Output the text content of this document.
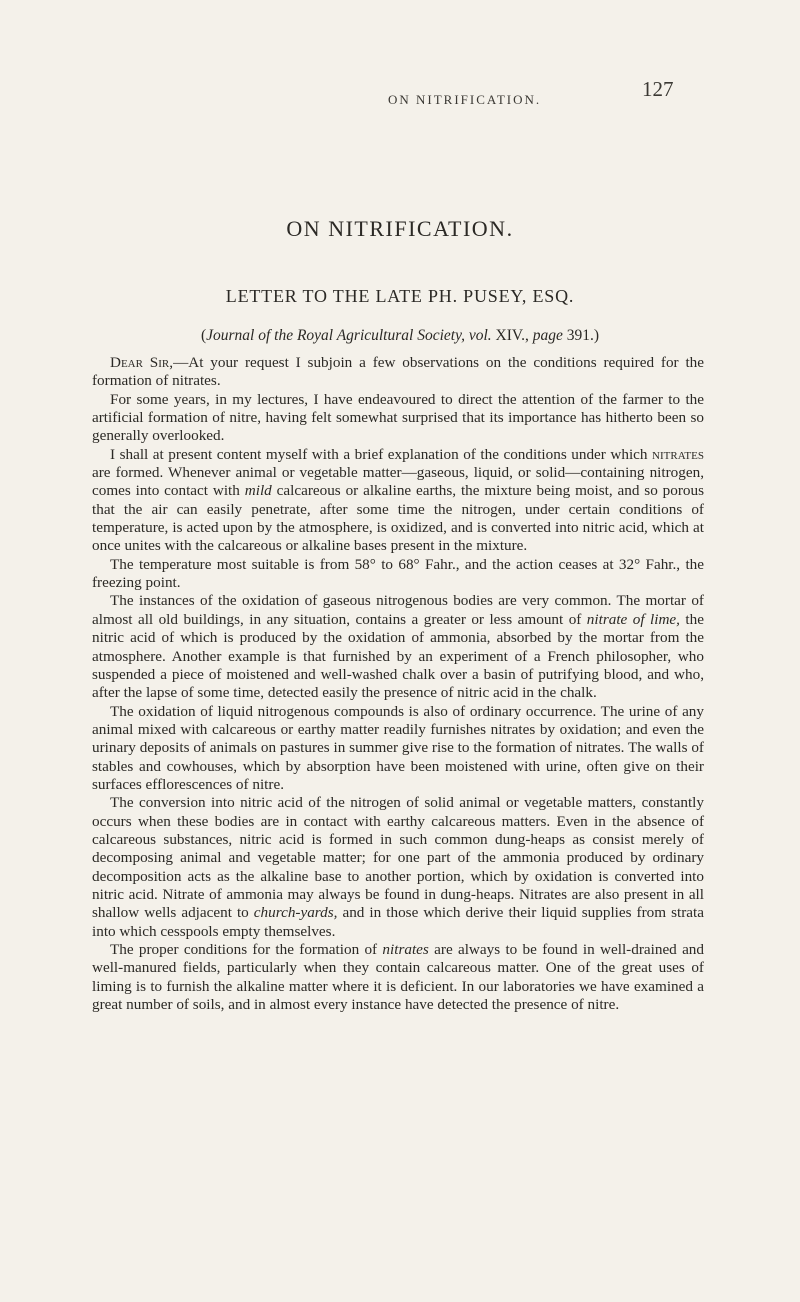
ON NITRIFICATION.	127
ON NITRIFICATION.
LETTER TO THE LATE PH. PUSEY, ESQ.
(Journal of the Royal Agricultural Society, vol. XIV., page 391.)

Dear Sir,—At your request I subjoin a few observations on the conditions required for the formation of nitrates.

For some years, in my lectures, I have endeavoured to direct the attention of the farmer to the artificial formation of nitre, having felt somewhat surprised that its importance has hitherto been so generally overlooked.

I shall at present content myself with a brief explanation of the conditions under which nitrates are formed. Whenever animal or vegetable matter—gaseous, liquid, or solid—containing nitrogen, comes into contact with mild calcareous or alkaline earths, the mixture being moist, and so porous that the air can easily penetrate, after some time the nitrogen, under certain conditions of temperature, is acted upon by the atmosphere, is oxidized, and is converted into nitric acid, which at once unites with the calcareous or alkaline bases present in the mixture.

The temperature most suitable is from 58° to 68° Fahr., and the action ceases at 32° Fahr., the freezing point.

The instances of the oxidation of gaseous nitrogenous bodies are very common. The mortar of almost all old buildings, in any situation, contains a greater or less amount of nitrate of lime, the nitric acid of which is produced by the oxidation of ammonia, absorbed by the mortar from the atmosphere. Another example is that furnished by an experiment of a French philosopher, who suspended a piece of moistened and well-washed chalk over a basin of putrifying blood, and who, after the lapse of some time, detected easily the presence of nitric acid in the chalk.

The oxidation of liquid nitrogenous compounds is also of ordinary occurrence. The urine of any animal mixed with calcareous or earthy matter readily furnishes nitrates by oxidation; and even the urinary deposits of animals on pastures in summer give rise to the formation of nitrates. The walls of stables and cowhouses, which by absorption have been moistened with urine, often give on their surfaces efflorescences of nitre.

The conversion into nitric acid of the nitrogen of solid animal or vegetable matters, constantly occurs when these bodies are in contact with earthy calcareous matters. Even in the absence of calcareous substances, nitric acid is formed in such common dung-heaps as consist merely of decomposing animal and vegetable matter; for one part of the ammonia produced by ordinary decomposition acts as the alkaline base to another portion, which by oxidation is converted into nitric acid. Nitrate of ammonia may always be found in dung-heaps. Nitrates are also present in all shallow wells adjacent to church-yards, and in those which derive their liquid supplies from strata into which cesspools empty themselves.

The proper conditions for the formation of nitrates are always to be found in well-drained and well-manured fields, particularly when they contain calcareous matter. One of the great uses of liming is to furnish the alkaline matter where it is deficient. In our laboratories we have examined a great number of soils, and in almost every instance have detected the presence of nitre.
